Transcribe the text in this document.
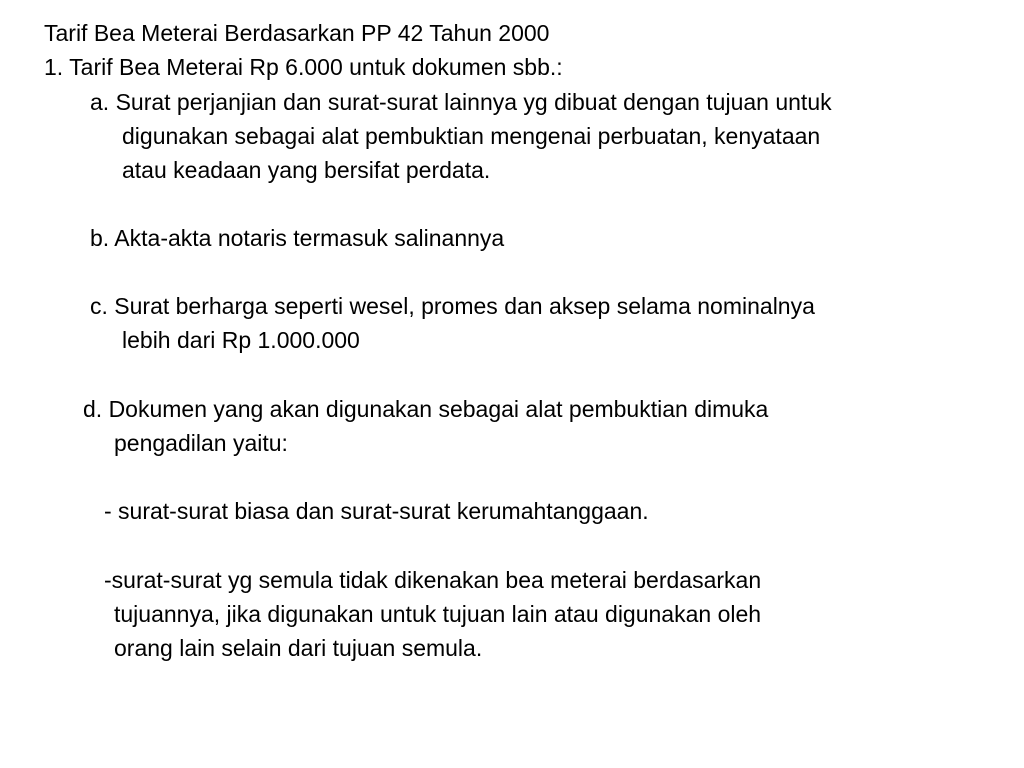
Tarif Bea Meterai Berdasarkan PP 42 Tahun 2000
1. Tarif Bea Meterai Rp 6.000 untuk dokumen sbb.:
a. Surat perjanjian dan surat-surat lainnya yg dibuat dengan tujuan untuk
digunakan sebagai alat pembuktian mengenai perbuatan, kenyataan
atau keadaan yang bersifat perdata.
b. Akta-akta notaris termasuk salinannya
c. Surat berharga seperti wesel, promes dan aksep selama nominalnya
lebih dari Rp 1.000.000
d. Dokumen yang akan digunakan sebagai alat pembuktian dimuka
pengadilan yaitu:
- surat-surat biasa dan surat-surat kerumahtanggaan.
-surat-surat yg semula tidak dikenakan bea meterai berdasarkan
tujuannya, jika digunakan untuk tujuan lain atau digunakan oleh
orang lain selain dari tujuan semula.
